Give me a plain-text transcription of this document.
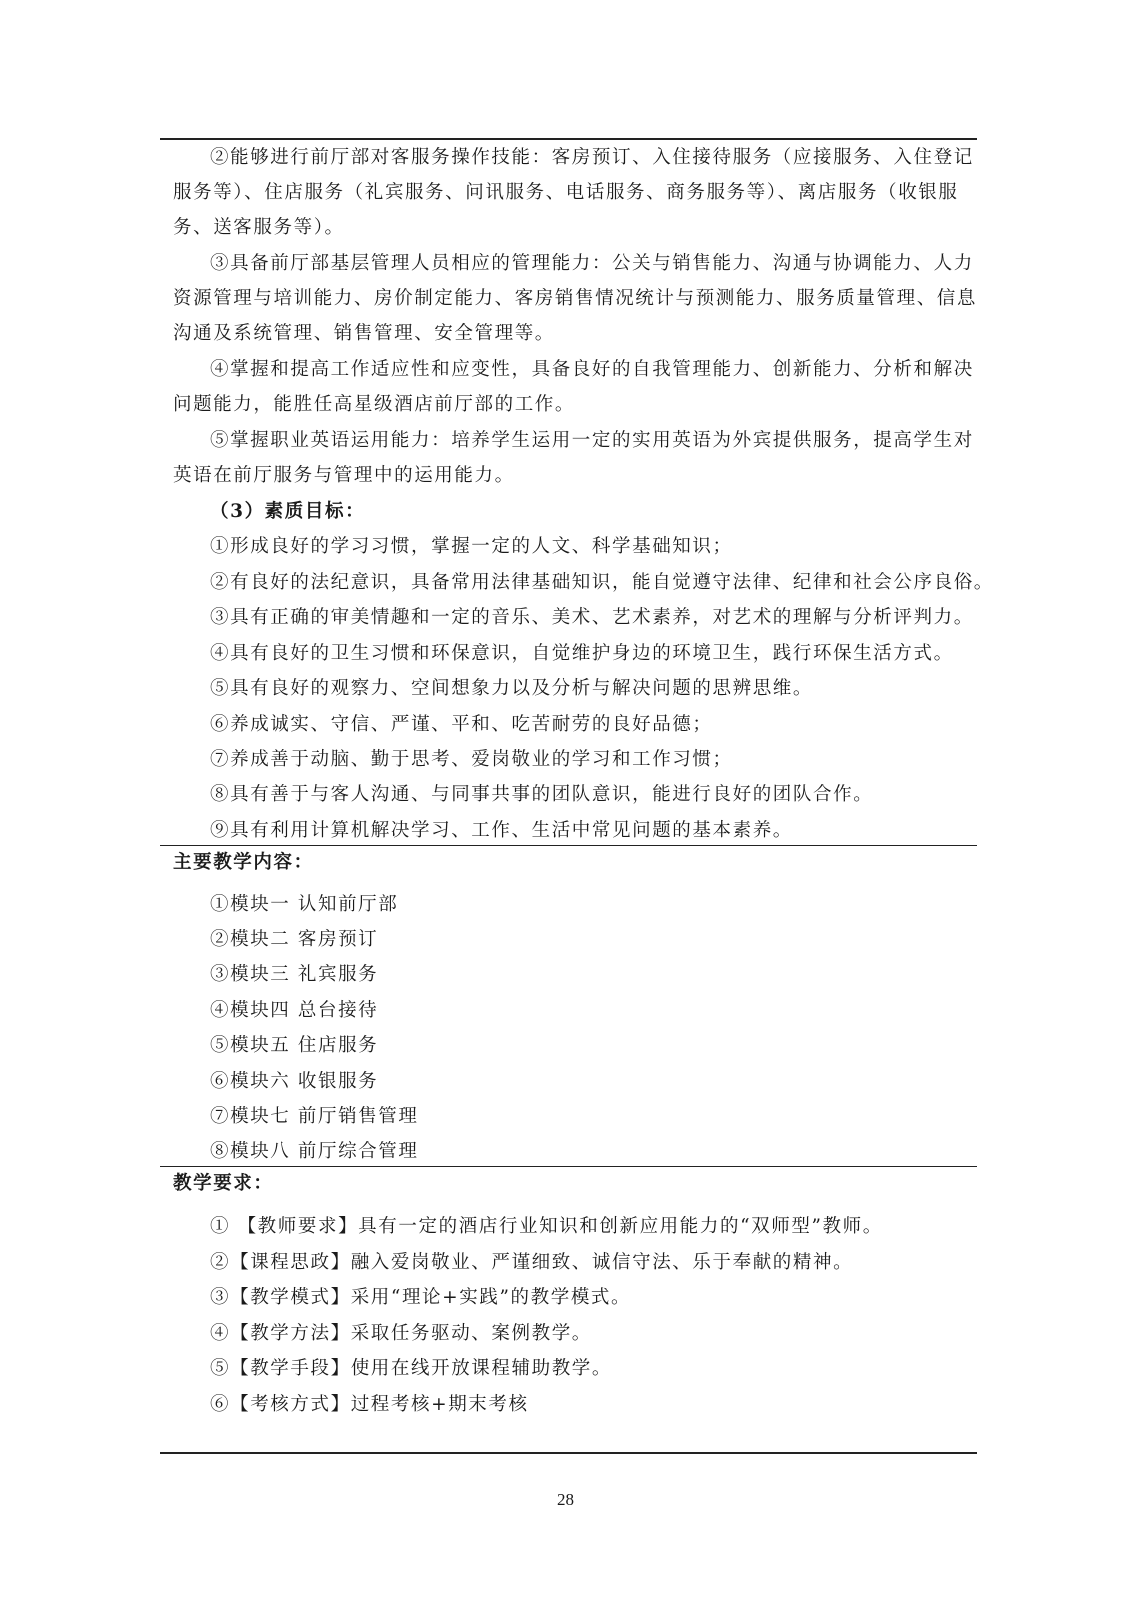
②能够进行前厅部对客服务操作技能：客房预订、入住接待服务（应接服务、入住登记
服务等）、住店服务（礼宾服务、问讯服务、电话服务、商务服务等）、离店服务（收银服
务、送客服务等）。
③具备前厅部基层管理人员相应的管理能力：公关与销售能力、沟通与协调能力、人力
资源管理与培训能力、房价制定能力、客房销售情况统计与预测能力、服务质量管理、信息
沟通及系统管理、销售管理、安全管理等。
④掌握和提高工作适应性和应变性，具备良好的自我管理能力、创新能力、分析和解决
问题能力，能胜任高星级酒店前厅部的工作。
⑤掌握职业英语运用能力：培养学生运用一定的实用英语为外宾提供服务，提高学生对
英语在前厅服务与管理中的运用能力。
（3）素质目标：
①形成良好的学习习惯，掌握一定的人文、科学基础知识；
②有良好的法纪意识，具备常用法律基础知识，能自觉遵守法律、纪律和社会公序良俗。
③具有正确的审美情趣和一定的音乐、美术、艺术素养，对艺术的理解与分析评判力。
④具有良好的卫生习惯和环保意识，自觉维护身边的环境卫生，践行环保生活方式。
⑤具有良好的观察力、空间想象力以及分析与解决问题的思辨思维。
⑥养成诚实、守信、严谨、平和、吃苦耐劳的良好品德；
⑦养成善于动脑、勤于思考、爱岗敬业的学习和工作习惯；
⑧具有善于与客人沟通、与同事共事的团队意识，能进行良好的团队合作。
⑨具有利用计算机解决学习、工作、生活中常见问题的基本素养。
主要教学内容：
①模块一 认知前厅部
②模块二 客房预订
③模块三 礼宾服务
④模块四 总台接待
⑤模块五 住店服务
⑥模块六 收银服务
⑦模块七 前厅销售管理
⑧模块八 前厅综合管理
教学要求：
① 【教师要求】具有一定的酒店行业知识和创新应用能力的“双师型”教师。
②【课程思政】融入爱岗敬业、严谨细致、诚信守法、乐于奉献的精神。
③【教学模式】采用“理论+实践”的教学模式。
④【教学方法】采取任务驱动、案例教学。
⑤【教学手段】使用在线开放课程辅助教学。
⑥【考核方式】过程考核+期末考核
28
